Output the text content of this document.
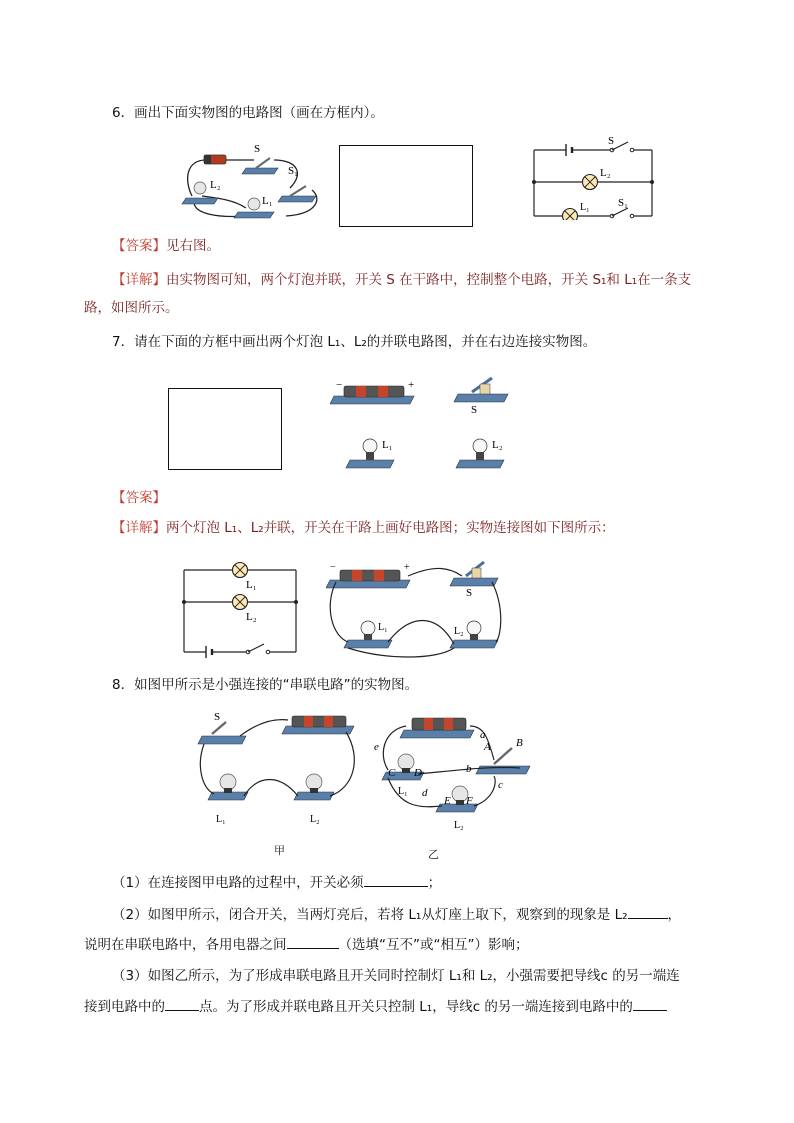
6．画出下面实物图的电路图（画在方框内）。
S
S₁
L₂
L₁
S
L₂
L₁	S₁
【答案】见右图。
【详解】由实物图可知，两个灯泡并联，开关 S 在干路中，控制整个电路，开关 S₁和 L₁在一条支
路，如图所示。
7．请在下面的方框中画出两个灯泡 L₁、L₂的并联电路图，并在右边连接实物图。
−	+
S
L₁	L₂
【答案】
【详解】两个灯泡 L₁、L₂并联，开关在干路上画好电路图；实物连接图如下图所示：
L₁
L₂
−	+
S
L₁	L₂
8．如图甲所示是小强连接的“串联电路”的实物图。
S
L₁	L₂
甲
e
a
A B
b
c
C D
d
E F
L₁
L₂
乙
（1）在连接图甲电路的过程中，开关必须	；
（2）如图甲所示，闭合开关，当两灯亮后，若将 L₁从灯座上取下，观察到的现象是 L₂	，
说明在串联电路中，各用电器之间	（选填“互不”或“相互”）影响；
（3）如图乙所示，为了形成串联电路且开关同时控制灯 L₁和 L₂，小强需要把导线c 的另一端连
接到电路中的	点。为了形成并联电路且开关只控制 L₁，导线c 的另一端连接到电路中的
